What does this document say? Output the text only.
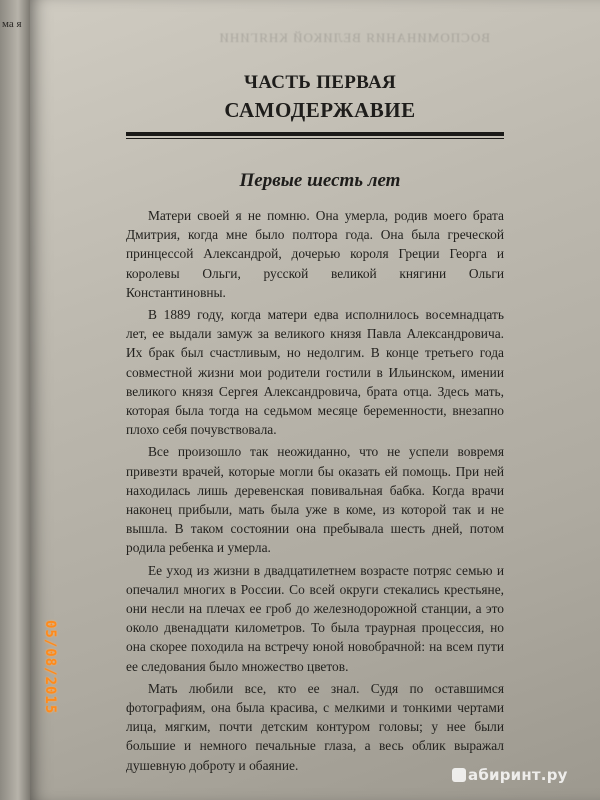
ма я
ВОСПОМИНАНИЯ ВЕЛИКОЙ КНЯГИНИ
ЧАСТЬ ПЕРВАЯ
САМОДЕРЖАВИЕ
Первые шесть лет

Матери своей я не помню. Она умерла, родив моего брата Дмитрия, когда мне было полтора года. Она была греческой принцессой Александрой, дочерью короля Греции Георга и королевы Ольги, русской великой княгини Ольги Константиновны.

В 1889 году, когда матери едва исполнилось восемнадцать лет, ее выдали замуж за великого князя Павла Александровича. Их брак был счастливым, но недолгим. В конце третьего года совместной жизни мои родители гостили в Ильинском, имении великого князя Сергея Александровича, брата отца. Здесь мать, которая была тогда на седьмом месяце беременности, внезапно плохо себя почувствовала.

Все произошло так неожиданно, что не успели вовремя привезти врачей, которые могли бы оказать ей помощь. При ней находилась лишь деревенская повивальная бабка. Когда врачи наконец прибыли, мать была уже в коме, из которой так и не вышла. В таком состоянии она пребывала шесть дней, потом родила ребенка и умерла.

Ее уход из жизни в двадцатилетнем возрасте потряс семью и опечалил многих в России. Со всей округи стекались крестьяне, они несли на плечах ее гроб до железнодорожной станции, а это около двенадцати километров. То была траурная процессия, но она скорее походила на встречу юной новобрачной: на всем пути ее следования было множество цветов.

Мать любили все, кто ее знал. Судя по оставшимся фотографиям, она была красива, с мелкими и тонкими чертами лица, мягким, почти детским контуром головы; у нее были большие и немного печальные глаза, а весь облик выражал душевную доброту и обаяние.

05/08/2015
абиринт.ру
